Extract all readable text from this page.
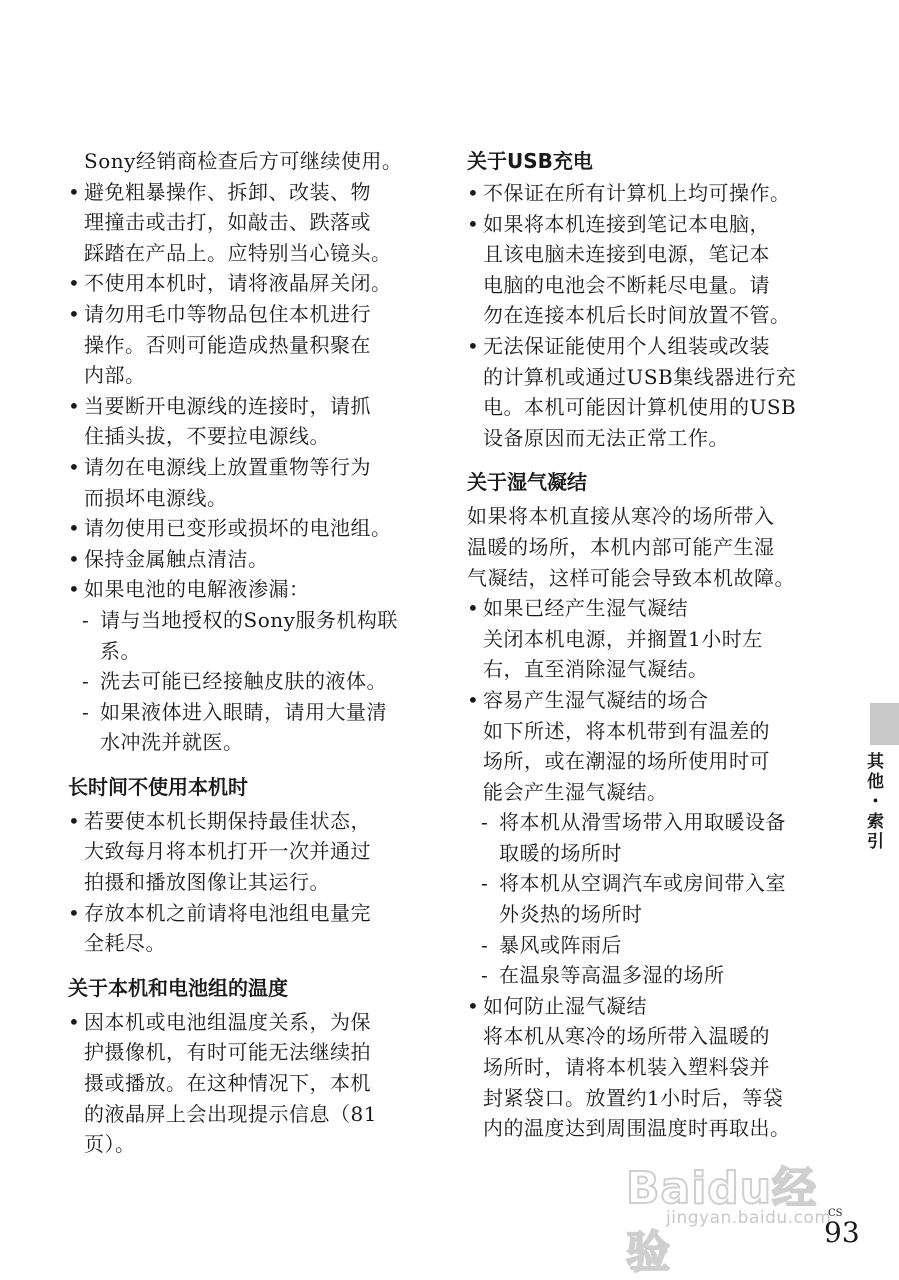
Sony经销商检查后方可继续使用。

• 避免粗暴操作、拆卸、改装、物
理撞击或击打，如敲击、跌落或
踩踏在产品上。应特别当心镜头。
• 不使用本机时，请将液晶屏关闭。
• 请勿用毛巾等物品包住本机进行
操作。否则可能造成热量积聚在
内部。
• 当要断开电源线的连接时，请抓
住插头拔，不要拉电源线。
• 请勿在电源线上放置重物等行为
而损坏电源线。
• 请勿使用已变形或损坏的电池组。
• 保持金属触点清洁。
• 如果电池的电解液渗漏：
- 请与当地授权的Sony服务机构联
系。
- 洗去可能已经接触皮肤的液体。
- 如果液体进入眼睛，请用大量清
水冲洗并就医。
长时间不使用本机时
• 若要使本机长期保持最佳状态，
大致每月将本机打开一次并通过
拍摄和播放图像让其运行。
• 存放本机之前请将电池组电量完
全耗尽。
关于本机和电池组的温度
• 因本机或电池组温度关系，为保
护摄像机，有时可能无法继续拍
摄或播放。在这种情况下，本机
的液晶屏上会出现提示信息（81
页）。
关于USB充电
• 不保证在所有计算机上均可操作。
• 如果将本机连接到笔记本电脑，
且该电脑未连接到电源，笔记本
电脑的电池会不断耗尽电量。请
勿在连接本机后长时间放置不管。
• 无法保证能使用个人组装或改装
的计算机或通过USB集线器进行充
电。本机可能因计算机使用的USB
设备原因而无法正常工作。
关于湿气凝结
如果将本机直接从寒冷的场所带入
温暖的场所，本机内部可能产生湿
气凝结，这样可能会导致本机故障。
• 如果已经产生湿气凝结
关闭本机电源，并搁置1小时左
右，直至消除湿气凝结。
• 容易产生湿气凝结的场合
如下所述，将本机带到有温差的
场所，或在潮湿的场所使用时可
能会产生湿气凝结。
- 将本机从滑雪场带入用取暖设备
取暖的场所时
- 将本机从空调汽车或房间带入室
外炎热的场所时
- 暴风或阵雨后
- 在温泉等高温多湿的场所
• 如何防止湿气凝结
将本机从寒冷的场所带入温暖的
场所时，请将本机装入塑料袋并
封紧袋口。放置约1小时后，等袋
内的温度达到周围温度时再取出。
其他・索引
Baidu经验
jingyan.baidu.com
CS
93
